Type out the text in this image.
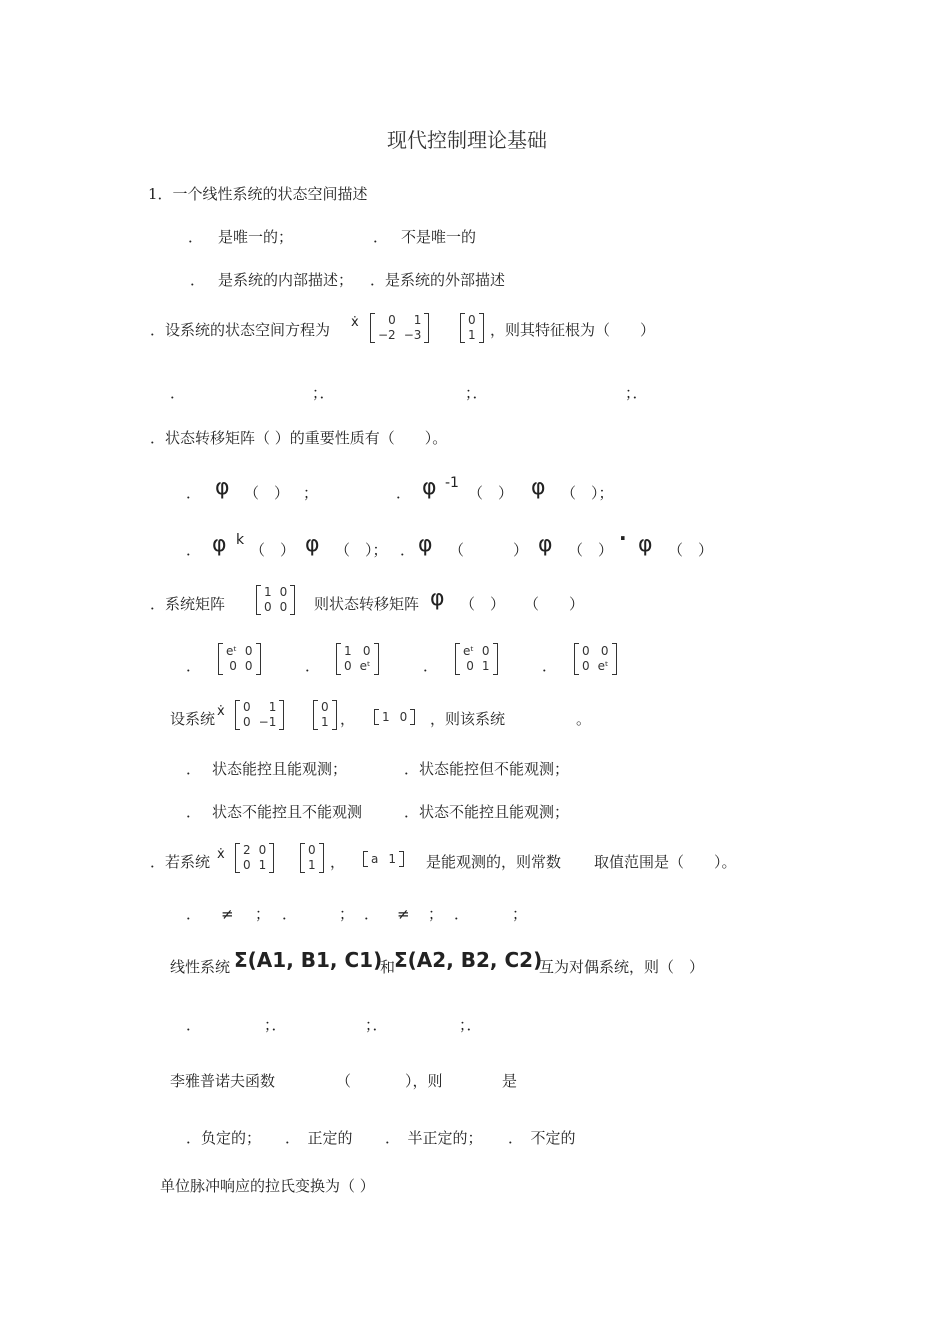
现代控制理论基础
1．一个线性系统的状态空间描述
． 是唯一的；	． 不是唯一的
． 是系统的内部描述； ．是系统的外部描述
．设系统的状态空间方程为 ẋ	0	1
−2 −3
0
1 ，则其特征根为（　　）
．	；．	；．	；．
．状态转移矩阵（ ）的重要性质有（　　）。
． φ （　） ；	． φ -1
（　） φ （　）；
． φ k
（　） φ （　）； ． φ （	） φ （　） · φ （　）
．系统矩阵
1 0
0 0 则状态转移矩阵 φ （　） （　　）
．
eᵗ 0
0 0	．
1 0
0 eᵗ	．
eᵗ 0
0 1	．
0 0
0 eᵗ
设系统 ẋ 0	1
0 −1
0
1 ， 1 0 ，则该系统	。
． 状态能控且能观测；	．状态能控但不能观测；
． 状态不能控且不能观测	．状态不能控且能观测；
．若系统 ẋ 2 0
0 1
0
1 ， a 1 是能观测的，则常数 取值范围是（　　）。
． ≠ ； ．	； ． ≠ ； ．	；
线性系统 Σ(A1, B1, C1)
和
Σ(A2, B2, C2)
互为对偶系统，则（　）
．	；．	；．	；．
李雅普诺夫函数	（	），则	是
．负定的； ．　正定的 ．　半正定的； ．　不定的
单位脉冲响应的拉氏变换为（ ）
